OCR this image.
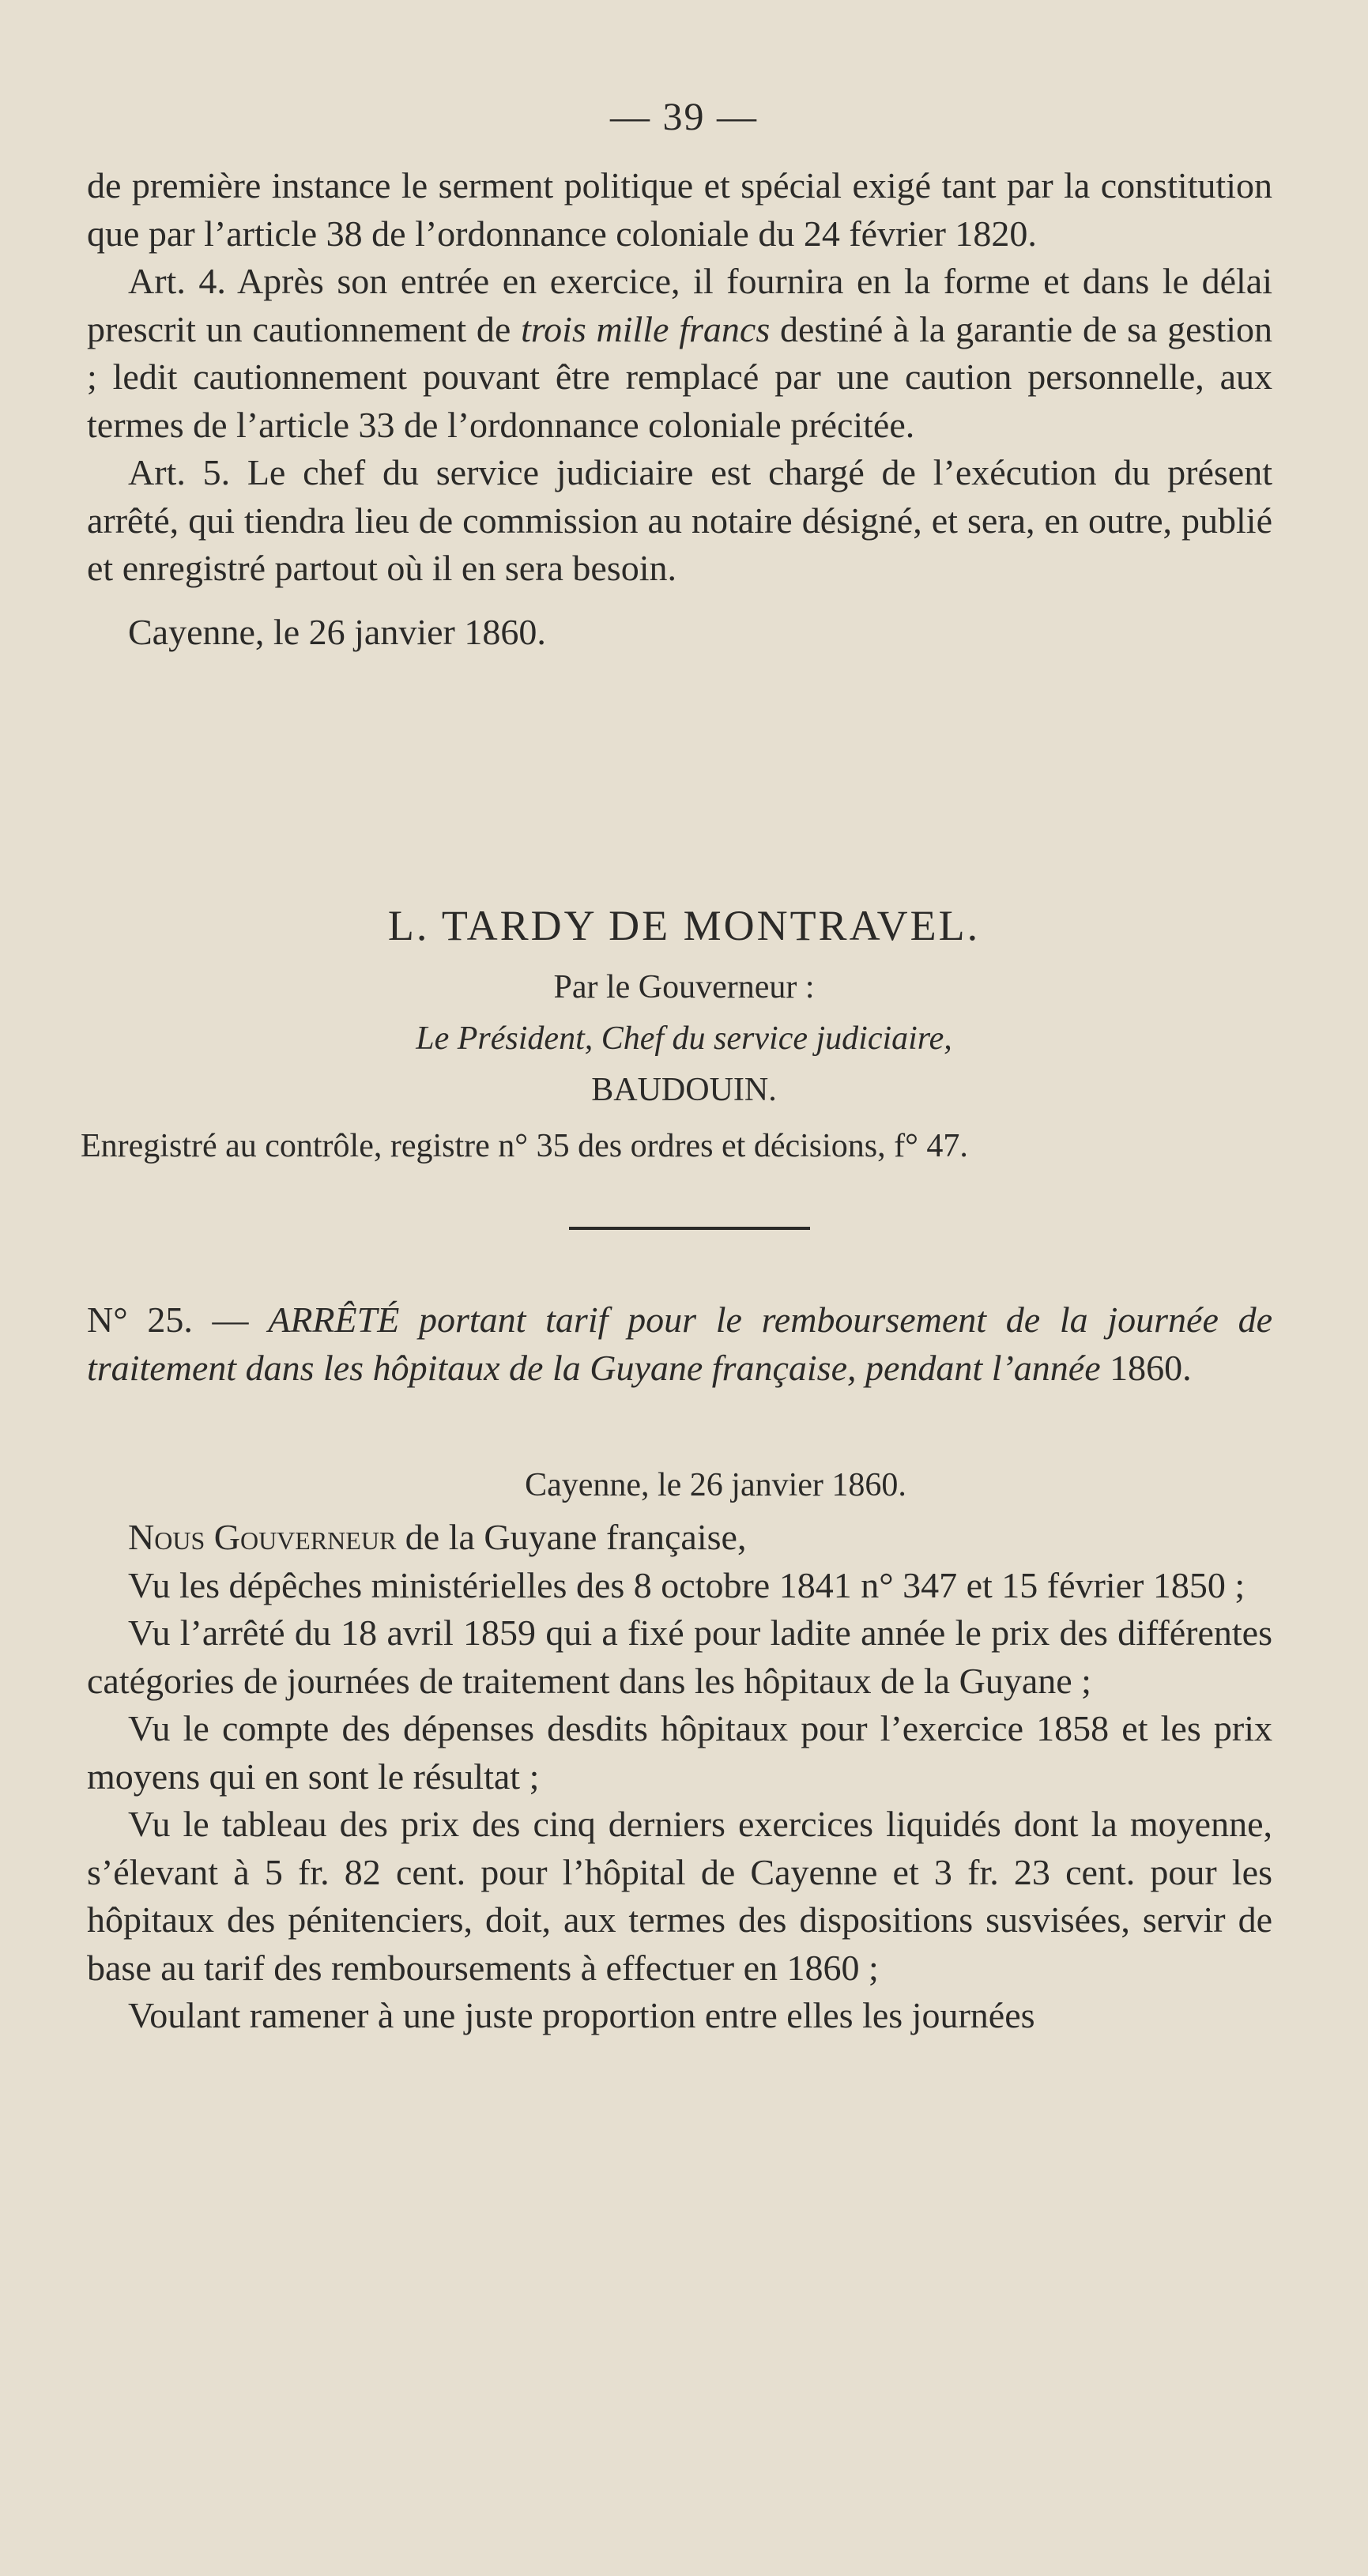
— 39 —

de première instance le serment politique et spécial exigé tant par la constitution que par l’article 38 de l’ordonnance coloniale du 24 février 1820.

Art. 4. Après son entrée en exercice, il fournira en la forme et dans le délai prescrit un cautionnement de trois mille francs destiné à la garantie de sa gestion ; ledit cautionnement pouvant être remplacé par une caution personnelle, aux termes de l’article 33 de l’ordonnance coloniale précitée.

Art. 5. Le chef du service judiciaire est chargé de l’exécution du présent arrêté, qui tiendra lieu de commission au notaire désigné, et sera, en outre, publié et enregistré partout où il en sera besoin.

Cayenne, le 26 janvier 1860.

L. TARDY DE MONTRAVEL.
Par le Gouverneur :
Le Président, Chef du service judiciaire,
BAUDOUIN.
Enregistré au contrôle, registre n° 35 des ordres et décisions, f° 47.

N° 25. — ARRÊTÉ portant tarif pour le remboursement de la journée de traitement dans les hôpitaux de la Guyane française, pendant l’année 1860.

Cayenne, le 26 janvier 1860.

Nous Gouverneur de la Guyane française,

Vu les dépêches ministérielles des 8 octobre 1841 n° 347 et 15 février 1850 ;

Vu l’arrêté du 18 avril 1859 qui a fixé pour ladite année le prix des différentes catégories de journées de traitement dans les hôpitaux de la Guyane ;

Vu le compte des dépenses desdits hôpitaux pour l’exercice 1858 et les prix moyens qui en sont le résultat ;

Vu le tableau des prix des cinq derniers exercices liquidés dont la moyenne, s’élevant à 5 fr. 82 cent. pour l’hôpital de Cayenne et 3 fr. 23 cent. pour les hôpitaux des pénitenciers, doit, aux termes des dispositions susvisées, servir de base au tarif des remboursements à effectuer en 1860 ;

Voulant ramener à une juste proportion entre elles les journées
